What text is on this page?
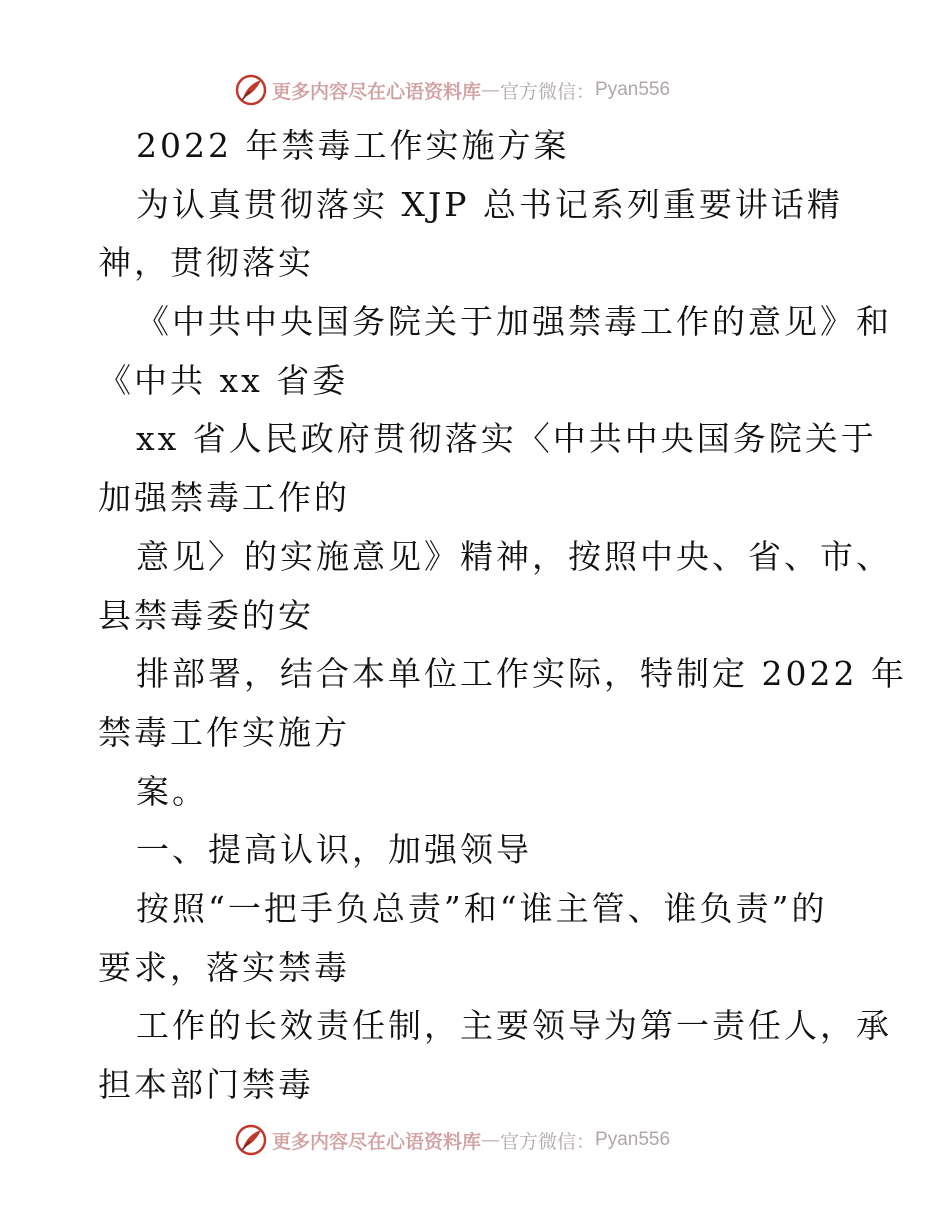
更多内容尽在心语资料库 — 官方微信： Pyan556
2022 年禁毒工作实施方案
为认真贯彻落实 XJP 总书记系列重要讲话精
神，贯彻落实
《中共中央国务院关于加强禁毒工作的意见》和
《中共 xx 省委
xx 省人民政府贯彻落实〈中共中央国务院关于
加强禁毒工作的
意见〉的实施意见》精神，按照中央、省、市、
县禁毒委的安
排部署，结合本单位工作实际，特制定 2022 年
禁毒工作实施方
案。
一、提高认识，加强领导
按照“一把手负总责”和“谁主管、谁负责”的
要求，落实禁毒
工作的长效责任制，主要领导为第一责任人，承
担本部门禁毒
更多内容尽在心语资料库 — 官方微信： Pyan556
